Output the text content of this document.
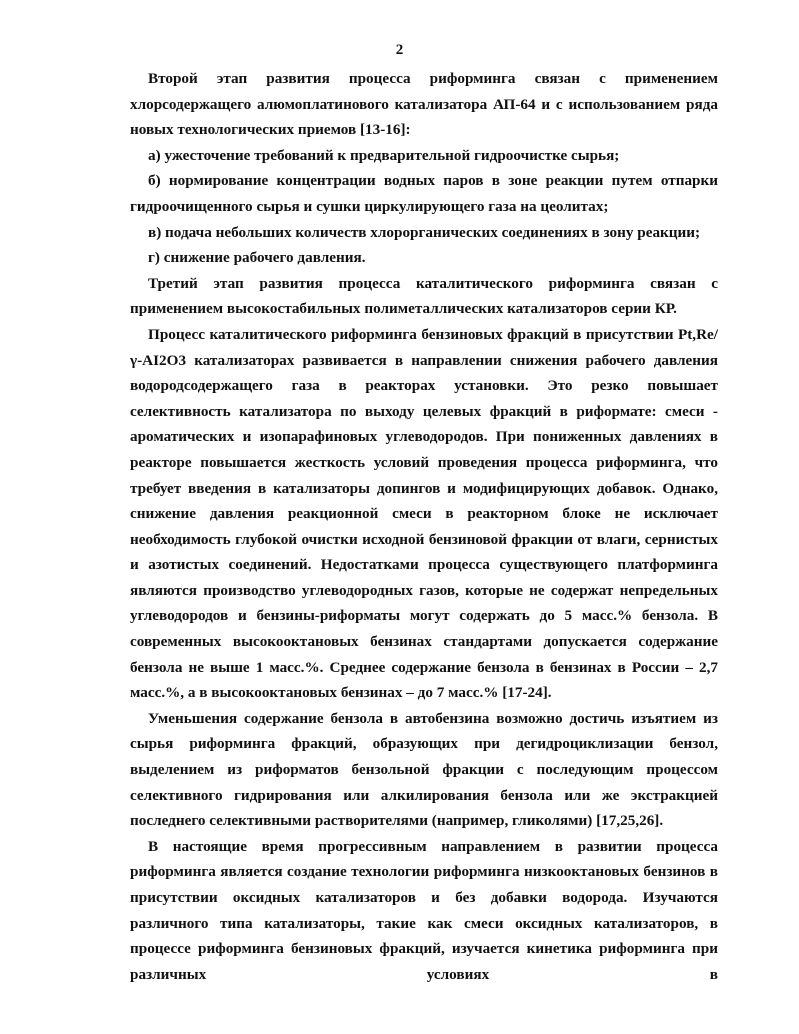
2

Второй этап развития процесса риформинга связан с применением хлорсодержащего алюмоплатинового катализатора АП-64 и с использованием ряда новых технологических приемов [13-16]:

а) ужесточение требований к предварительной гидроочистке сырья;

б) нормирование концентрации водных паров в зоне реакции путем отпарки гидроочищенного сырья и сушки циркулирующего газа на цеолитах;

в) подача небольших количеств хлорорганических соединениях в зону реакции;

г) снижение рабочего давления.

Третий этап развития процесса каталитического риформинга связан с применением высокостабильных полиметаллических катализаторов серии КР.

Процесс каталитического риформинга бензиновых фракций в присутствии Pt,Re/γ-AI2O3 катализаторах развивается в направлении снижения рабочего давления водородсодержащего газа в реакторах установки. Это резко повышает селективность катализатора по выходу целевых фракций в риформате: смеси - ароматических и изопарафиновых углеводородов. При пониженных давлениях в реакторе повышается жесткость условий проведения процесса риформинга, что требует введения в катализаторы допингов и модифицирующих добавок. Однако, снижение давления реакционной смеси в реакторном блоке не исключает необходимость глубокой очистки исходной бензиновой фракции от влаги, сернистых и азотистых соединений. Недостатками процесса существующего платформинга являются производство углеводородных газов, которые не содержат непредельных углеводородов и бензины-риформаты могут содержать до 5 масс.% бензола. В современных высокооктановых бензинах стандартами допускается содержание бензола не выше 1 масс.%. Среднее содержание бензола в бензинах в России – 2,7 масс.%, а в высокооктановых бензинах – до 7 масс.% [17-24].

Уменьшения содержание бензола в автобензина возможно достичь изъятием из сырья риформинга фракций, образующих при дегидроциклизации бензол, выделением из риформатов бензольной фракции с последующим процессом селективного гидрирования или алкилирования бензола или же экстракцией последнего селективными растворителями (например, гликолями) [17,25,26].

В настоящие время прогрессивным направлением в развитии процесса риформинга является создание технологии риформинга низкооктановых бензинов в присутствии оксидных катализаторов и без добавки водорода. Изучаются различного типа катализаторы, такие как смеси оксидных катализаторов, в процессе риформинга бензиновых фракций, изучается кинетика риформинга при различных условиях в
